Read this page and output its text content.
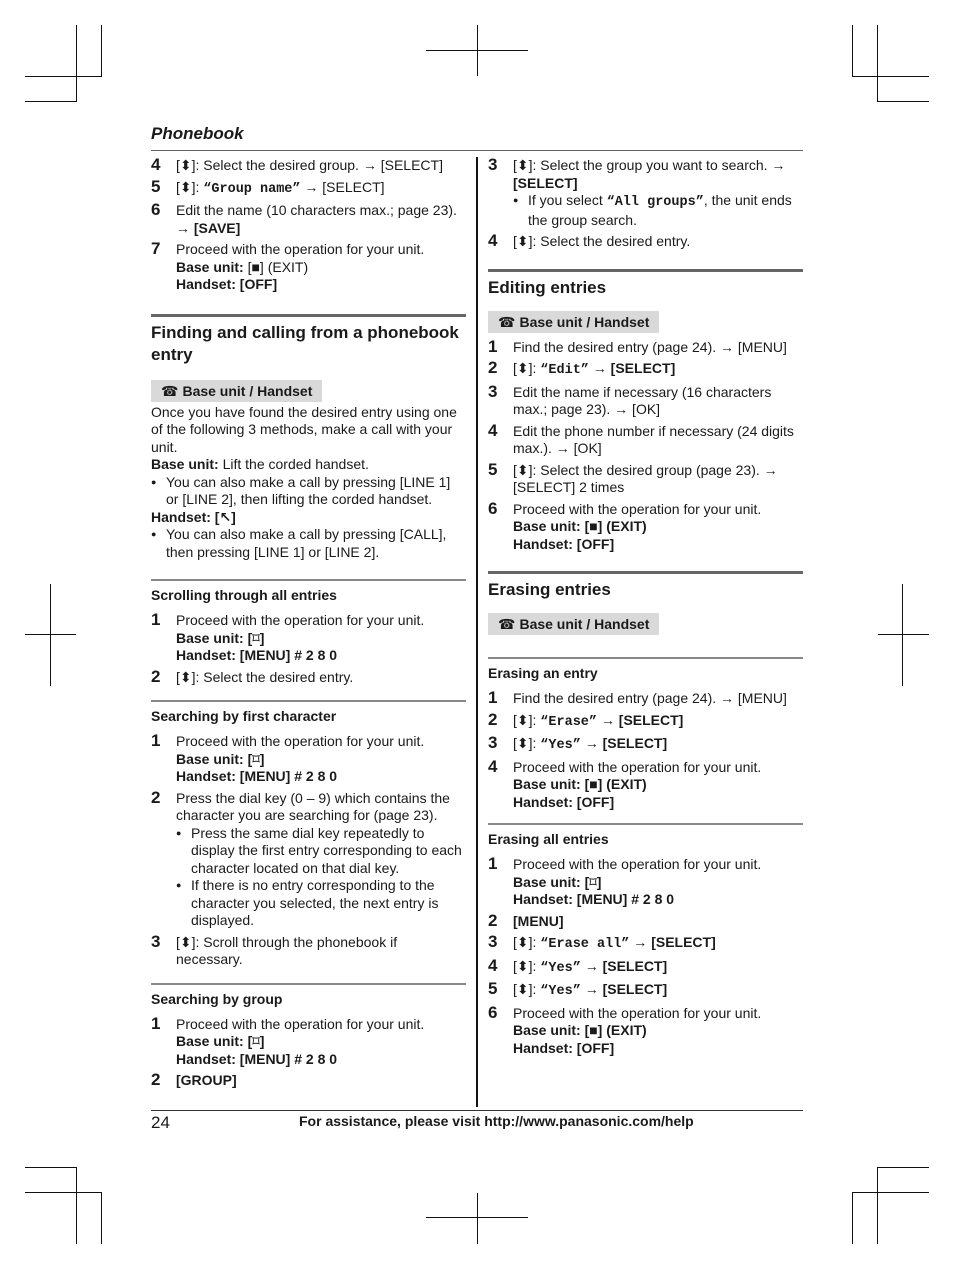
Phonebook
4 [⬍]: Select the desired group. → [SELECT]
5 [⬍]: “Group name” → [SELECT]
6 Edit the name (10 characters max.; page 23).
→ [SAVE]
7 Proceed with the operation for your unit.
Base unit: [■] (EXIT)
Handset: [OFF]
Finding and calling from a phonebook entry
☎ Base unit / Handset
Once you have found the desired entry using one of the following 3 methods, make a call with your unit.
Base unit: Lift the corded handset.
● You can also make a call by pressing [LINE 1] or [LINE 2], then lifting the corded handset.
Handset: [↖]
● You can also make a call by pressing [CALL], then pressing [LINE 1] or [LINE 2].
Scrolling through all entries
1 Proceed with the operation for your unit.
Base unit: [⌑]
Handset: [MENU] # 2 8 0
2 [⬍]: Select the desired entry.
Searching by first character
1 Proceed with the operation for your unit.
Base unit: [⌑]
Handset: [MENU] # 2 8 0
2 Press the dial key (0 – 9) which contains the character you are searching for (page 23).
● Press the same dial key repeatedly to display the first entry corresponding to each character located on that dial key.
● If there is no entry corresponding to the character you selected, the next entry is displayed.
3 [⬍]: Scroll through the phonebook if necessary.
Searching by group
1 Proceed with the operation for your unit.
Base unit: [⌑]
Handset: [MENU] # 2 8 0
2 [GROUP]
3 [⬍]: Select the group you want to search. →
[SELECT]
● If you select “All groups”, the unit ends the group search.
4 [⬍]: Select the desired entry.
Editing entries
☎ Base unit / Handset
1 Find the desired entry (page 24). → [MENU]
2 [⬍]: “Edit” → [SELECT]
3 Edit the name if necessary (16 characters max.; page 23). → [OK]
4 Edit the phone number if necessary (24 digits max.). → [OK]
5 [⬍]: Select the desired group (page 23). →
[SELECT] 2 times
6 Proceed with the operation for your unit.
Base unit: [■] (EXIT)
Handset: [OFF]
Erasing entries
☎ Base unit / Handset
Erasing an entry
1 Find the desired entry (page 24). → [MENU]
2 [⬍]: “Erase” → [SELECT]
3 [⬍]: “Yes” → [SELECT]
4 Proceed with the operation for your unit.
Base unit: [■] (EXIT)
Handset: [OFF]
Erasing all entries
1 Proceed with the operation for your unit.
Base unit: [⌑]
Handset: [MENU] # 2 8 0
2 [MENU]
3 [⬍]: “Erase all” → [SELECT]
4 [⬍]: “Yes” → [SELECT]
5 [⬍]: “Yes” → [SELECT]
6 Proceed with the operation for your unit.
Base unit: [■] (EXIT)
Handset: [OFF]
24	For assistance, please visit http://www.panasonic.com/help
